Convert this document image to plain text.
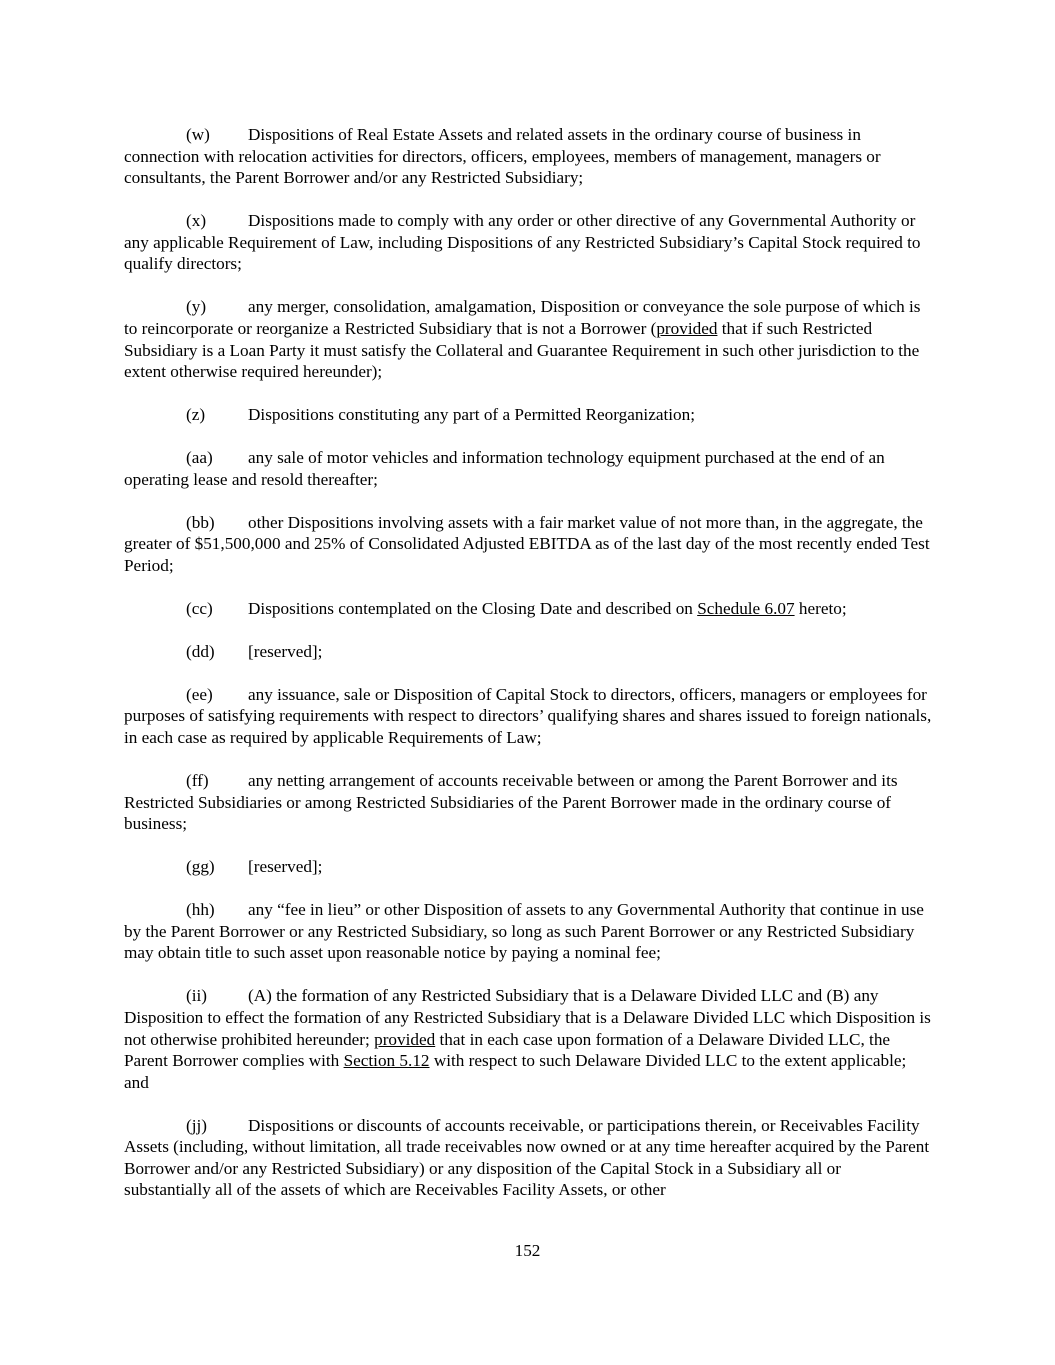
(w) Dispositions of Real Estate Assets and related assets in the ordinary course of business in connection with relocation activities for directors, officers, employees, members of management, managers or consultants, the Parent Borrower and/or any Restricted Subsidiary;

(x) Dispositions made to comply with any order or other directive of any Governmental Authority or any applicable Requirement of Law, including Dispositions of any Restricted Subsidiary’s Capital Stock required to qualify directors;

(y) any merger, consolidation, amalgamation, Disposition or conveyance the sole purpose of which is to reincorporate or reorganize a Restricted Subsidiary that is not a Borrower (provided that if such Restricted Subsidiary is a Loan Party it must satisfy the Collateral and Guarantee Requirement in such other jurisdiction to the extent otherwise required hereunder);

(z) Dispositions constituting any part of a Permitted Reorganization;

(aa) any sale of motor vehicles and information technology equipment purchased at the end of an operating lease and resold thereafter;

(bb) other Dispositions involving assets with a fair market value of not more than, in the aggregate, the greater of $51,500,000 and 25% of Consolidated Adjusted EBITDA as of the last day of the most recently ended Test Period;

(cc) Dispositions contemplated on the Closing Date and described on Schedule 6.07 hereto;

(dd) [reserved];

(ee) any issuance, sale or Disposition of Capital Stock to directors, officers, managers or employees for purposes of satisfying requirements with respect to directors’ qualifying shares and shares issued to foreign nationals, in each case as required by applicable Requirements of Law;

(ff) any netting arrangement of accounts receivable between or among the Parent Borrower and its Restricted Subsidiaries or among Restricted Subsidiaries of the Parent Borrower made in the ordinary course of business;

(gg) [reserved];

(hh) any “fee in lieu” or other Disposition of assets to any Governmental Authority that continue in use by the Parent Borrower or any Restricted Subsidiary, so long as such Parent Borrower or any Restricted Subsidiary may obtain title to such asset upon reasonable notice by paying a nominal fee;

(ii) (A) the formation of any Restricted Subsidiary that is a Delaware Divided LLC and (B) any Disposition to effect the formation of any Restricted Subsidiary that is a Delaware Divided LLC which Disposition is not otherwise prohibited hereunder; provided that in each case upon formation of a Delaware Divided LLC, the Parent Borrower complies with Section 5.12 with respect to such Delaware Divided LLC to the extent applicable; and

(jj) Dispositions or discounts of accounts receivable, or participations therein, or Receivables Facility Assets (including, without limitation, all trade receivables now owned or at any time hereafter acquired by the Parent Borrower and/or any Restricted Subsidiary) or any disposition of the Capital Stock in a Subsidiary all or substantially all of the assets of which are Receivables Facility Assets, or other

152
